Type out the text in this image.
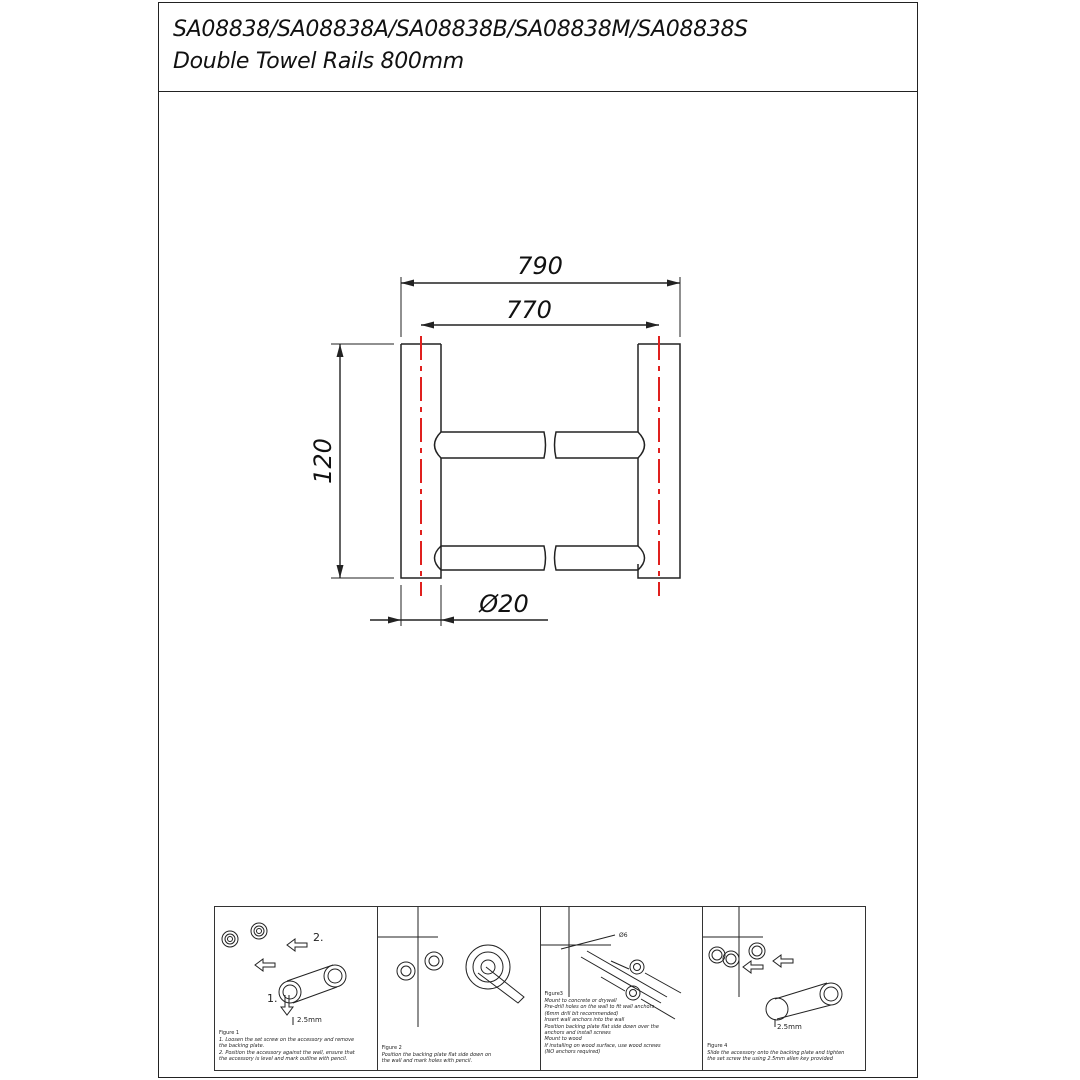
SA08838/SA08838A/SA08838B/SA08838M/SA08838S
Double Towel Rails 800mm
790
770
120
Ø20
2.
1.
2.5mm
Figure 1
1. Loosen the set screw on the accessory and remove
the backing plate.
2. Position the accessory against the wall, ensure that
the accessory is level and mark outline with pencil.
Figure 2
Position the backing plate flat side down on
the wall and mark holes with pencil.
Ø6
Figure3
Mount to concrete or drywall
Pre-drill holes on the wall to fit wall anchors
(6mm drill bit recommended)
Insert wall anchors into the wall
Position backing plate flat side down over the
anchors and install screws
Mount to wood
If installing on wood surface, use wood screws
(NO anchors required)
2.5mm
Figure 4
Slide the accessory onto the backing plate and tighten
the set screw the using 2.5mm allen key provided
